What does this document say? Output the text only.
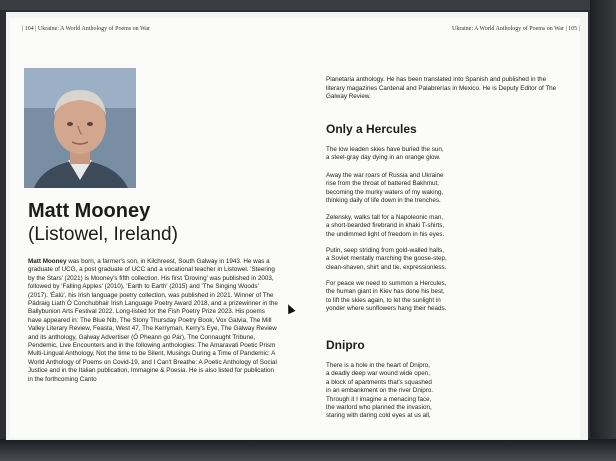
| 104 | Ukraine: A World Anthology of Poems on War	Ukraine: A World Anthology of Poems on War | 105 |
Matt Mooney
(Listowel, Ireland)

Matt Mooney was born, a farmer's son, in Kilchreest, South Galway in 1943. He was a graduate of UCG, a post graduate of UCC and a vocational teacher in Listowel. 'Steering by the Stars' (2021) is Mooney's fifth collection. His first 'Droving' was published in 2003, followed by 'Falling Apples' (2010), 'Earth to Earth' (2015) and 'The Singing Woods' (2017). 'Éalú', his Irish language poetry collection, was published in 2021. Winner of The Pádraig Liath Ó Conchubhair Irish Language Poetry Award 2018, and a prizewinner in the Ballybunion Arts Festival 2022. Long-listed for the Fish Poetry Prize 2023. His poems have appeared in: The Blue Nib, The Stony Thursday Poetry Book, Vox Galvia, The Mill Valley Literary Review, Feasta, West 47, The Kerryman, Kerry's Eye, The Galway Review and its anthology, Galway Advertiser (Ó Pheann go Pár), The Connaught Tribune, Pendemic, Live Encounters and in the following anthologies: The Amaravati Poetic Prism Multi-Lingual Anthology, Not the time to be Silent, Musings During a Time of Pandemic: A World Anthology of Poems on Covid-19, and I Can't Breathe: A Poetic Anthology of Social Justice and in the Italian publication, Immagine & Poesia. He is also listed for publication in the forthcoming Canto

Planetaria anthology. He has been translated into Spanish and published in the literary magazines Cardenal and Palabrerías in Mexico. He is Deputy Editor of The Galway Review.
Only a Hercules
The low leaden skies have buried the sun,
a steel-gray day dying in an orange glow.
Away the war roars of Russia and Ukraine
rise from the throat of battered Bakhmut,
becoming the murky waters of my waking,
thinking daily of life down in the trenches.
Zelensky, walks tall for a Napoleonic man,
a short-bearded firebrand in khaki T-shirts,
the undimmed light of freedom in his eyes.
Putin, seep striding from gold-walled halls,
a Soviet mentally marching the goose-step,
clean-shaven, shirt and tie, expressionless.
For peace we need to summon a Hercules,
the human giant in Kiev has done his best,
to lift the skies again, to let the sunlight in
yonder where sunflowers hang their heads.
Dnipro
There is a hole in the heart of Dnipro,
a deadly deep war wound wide open,
a block of apartments that's squashed
in an embankment on the river Dnipro.
Through it I imagine a menacing face,
the warlord who planned the invasion,
staring with daring cold eyes at us all,
